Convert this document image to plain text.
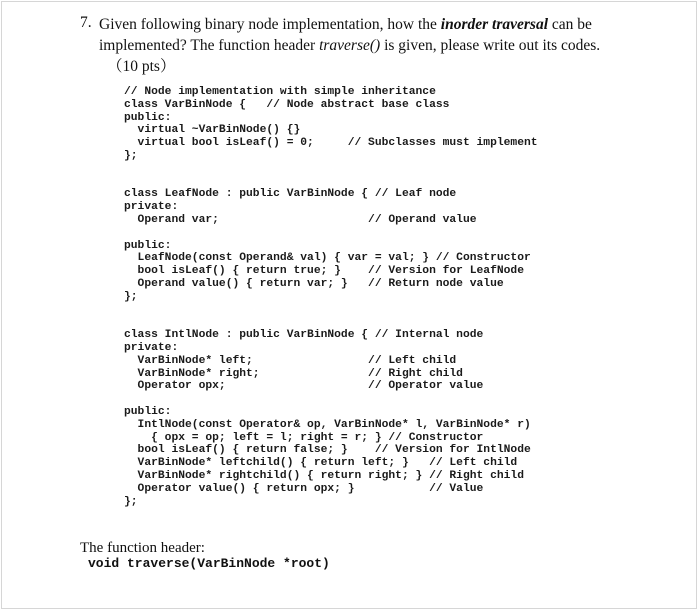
7. Given following binary node implementation, how the inorder traversal can be
implemented? The function header traverse() is given, please write out its codes.
（10 pts）

// Node implementation with simple inheritance
class VarBinNode {   // Node abstract base class
public:
virtual ~VarBinNode() {}
virtual bool isLeaf() = 0;     // Subclasses must implement
};

class LeafNode : public VarBinNode { // Leaf node
private:
Operand var;                      // Operand value

public:
LeafNode(const Operand& val) { var = val; } // Constructor
bool isLeaf() { return true; }    // Version for LeafNode
Operand value() { return var; }   // Return node value
};

class IntlNode : public VarBinNode { // Internal node
private:
VarBinNode* left;                 // Left child
VarBinNode* right;                // Right child
Operator opx;                     // Operator value

public:
IntlNode(const Operator& op, VarBinNode* l, VarBinNode* r)
{ opx = op; left = l; right = r; } // Constructor
bool isLeaf() { return false; }    // Version for IntlNode
VarBinNode* leftchild() { return left; }   // Left child
VarBinNode* rightchild() { return right; } // Right child
Operator value() { return opx; }           // Value
};

The function header:
void traverse(VarBinNode *root)
